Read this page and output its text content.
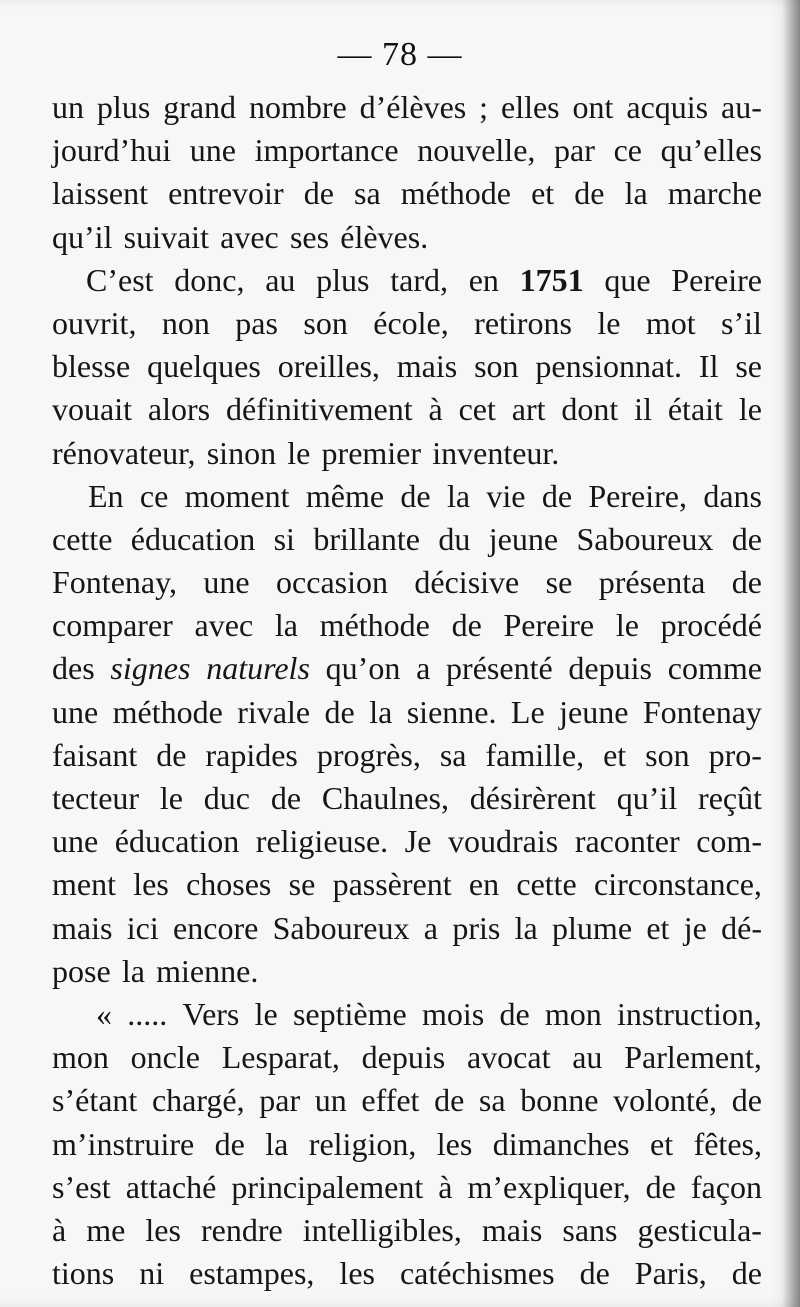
— 78 —
un plus grand nombre d’élèves ; elles ont acquis au-
jourd’hui une importance nouvelle, par ce qu’elles
laissent entrevoir de sa méthode et de la marche
qu’il suivait avec ses élèves.
C’est donc, au plus tard, en 1751 que Pereire
ouvrit, non pas son école, retirons le mot s’il
blesse quelques oreilles, mais son pensionnat. Il se
vouait alors définitivement à cet art dont il était le
rénovateur, sinon le premier inventeur.
En ce moment même de la vie de Pereire, dans
cette éducation si brillante du jeune Saboureux de
Fontenay, une occasion décisive se présenta de
comparer avec la méthode de Pereire le procédé
des signes naturels qu’on a présenté depuis comme
une méthode rivale de la sienne. Le jeune Fontenay
faisant de rapides progrès, sa famille, et son pro-
tecteur le duc de Chaulnes, désirèrent qu’il reçût
une éducation religieuse. Je voudrais raconter com-
ment les choses se passèrent en cette circonstance,
mais ici encore Saboureux a pris la plume et je dé-
pose la mienne.
« ..... Vers le septième mois de mon instruction,
mon oncle Lesparat, depuis avocat au Parlement,
s’étant chargé, par un effet de sa bonne volonté, de
m’instruire de la religion, les dimanches et fêtes,
s’est attaché principalement à m’expliquer, de façon
à me les rendre intelligibles, mais sans gesticula-
tions ni estampes, les catéchismes de Paris, de
